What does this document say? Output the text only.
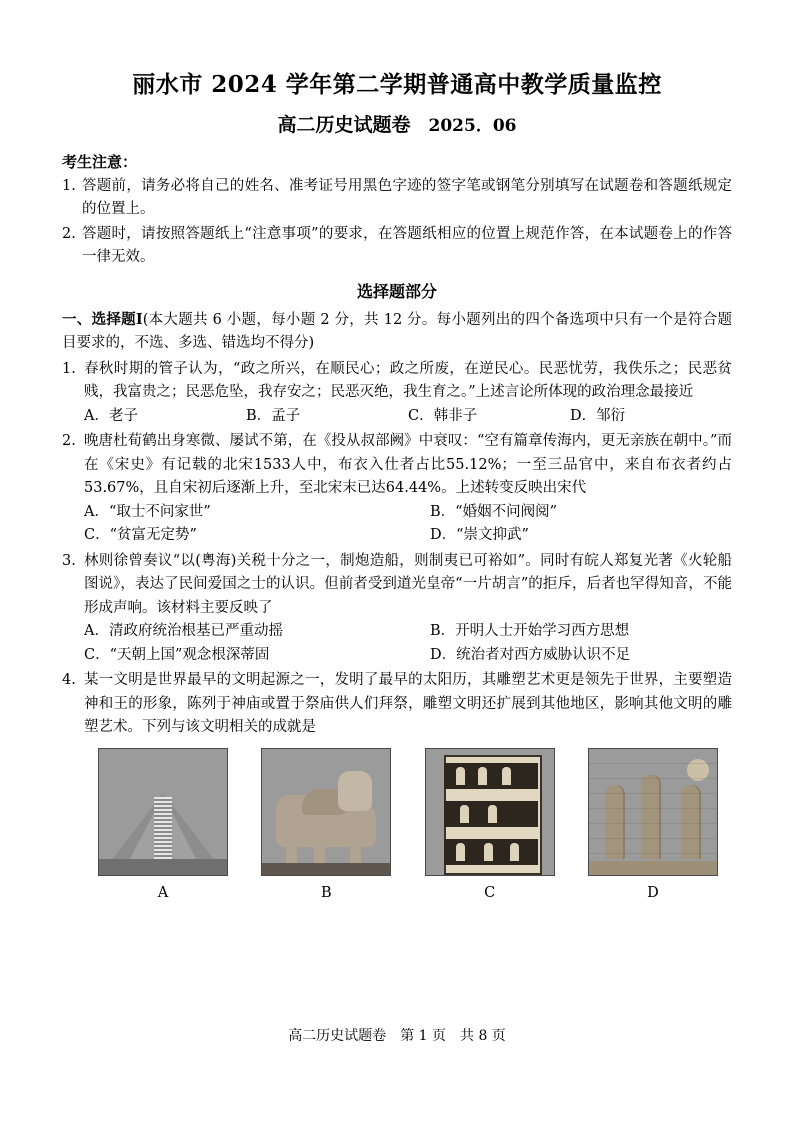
丽水市 2024 学年第二学期普通高中教学质量监控
高二历史试题卷 2025．06
考生注意：
1. 答题前，请务必将自己的姓名、准考证号用黑色字迹的签字笔或钢笔分别填写在试题卷和答题纸规定的位置上。
2. 答题时，请按照答题纸上“注意事项”的要求，在答题纸相应的位置上规范作答，在本试题卷上的作答一律无效。
选择题部分
一、选择题I(本大题共 6 小题，每小题 2 分，共 12 分。每小题列出的四个备选项中只有一个是符合题目要求的，不选、多选、错选均不得分)
1. 春秋时期的管子认为，“政之所兴，在顺民心；政之所废，在逆民心。民恶忧劳，我佚乐之；民恶贫贱，我富贵之；民恶危坠，我存安之；民恶灭绝，我生育之。”上述言论所体现的政治理念最接近
A．老子	B．孟子	C．韩非子	D．邹衍
2. 晚唐杜荀鹤出身寒微、屡试不第，在《投从叔部阙》中衰叹：“空有篇章传海内，更无亲族在朝中。”而在《宋史》有记载的北宋1533人中，布衣入仕者占比55.12%；一至三品官中，来自布衣者约占53.67%，且自宋初后逐渐上升，至北宋末已达64.44%。上述转变反映出宋代
A．“取士不问家世”	B．“婚姻不问阀阅”
C．“贫富无定势”	D．“崇文抑武”
3. 林则徐曾奏议“以(粤海)关税十分之一，制炮造船，则制夷已可裕如”。同时有皖人郑复光著《火轮船图说》，表达了民间爱国之士的认识。但前者受到道光皇帝“一片胡言”的拒斥，后者也罕得知音，不能形成声响。该材料主要反映了
A．清政府统治根基已严重动摇	B．开明人士开始学习西方思想
C．“天朝上国”观念根深蒂固	D．统治者对西方威胁认识不足
4. 某一文明是世界最早的文明起源之一，发明了最早的太阳历，其雕塑艺术更是领先于世界，主要塑造神和王的形象，陈列于神庙或置于祭庙供人们拜祭，雕塑文明还扩展到其他地区，影响其他文明的雕塑艺术。下列与该文明相关的成就是
A	B	C	D
高二历史试题卷 第 1 页 共 8 页
